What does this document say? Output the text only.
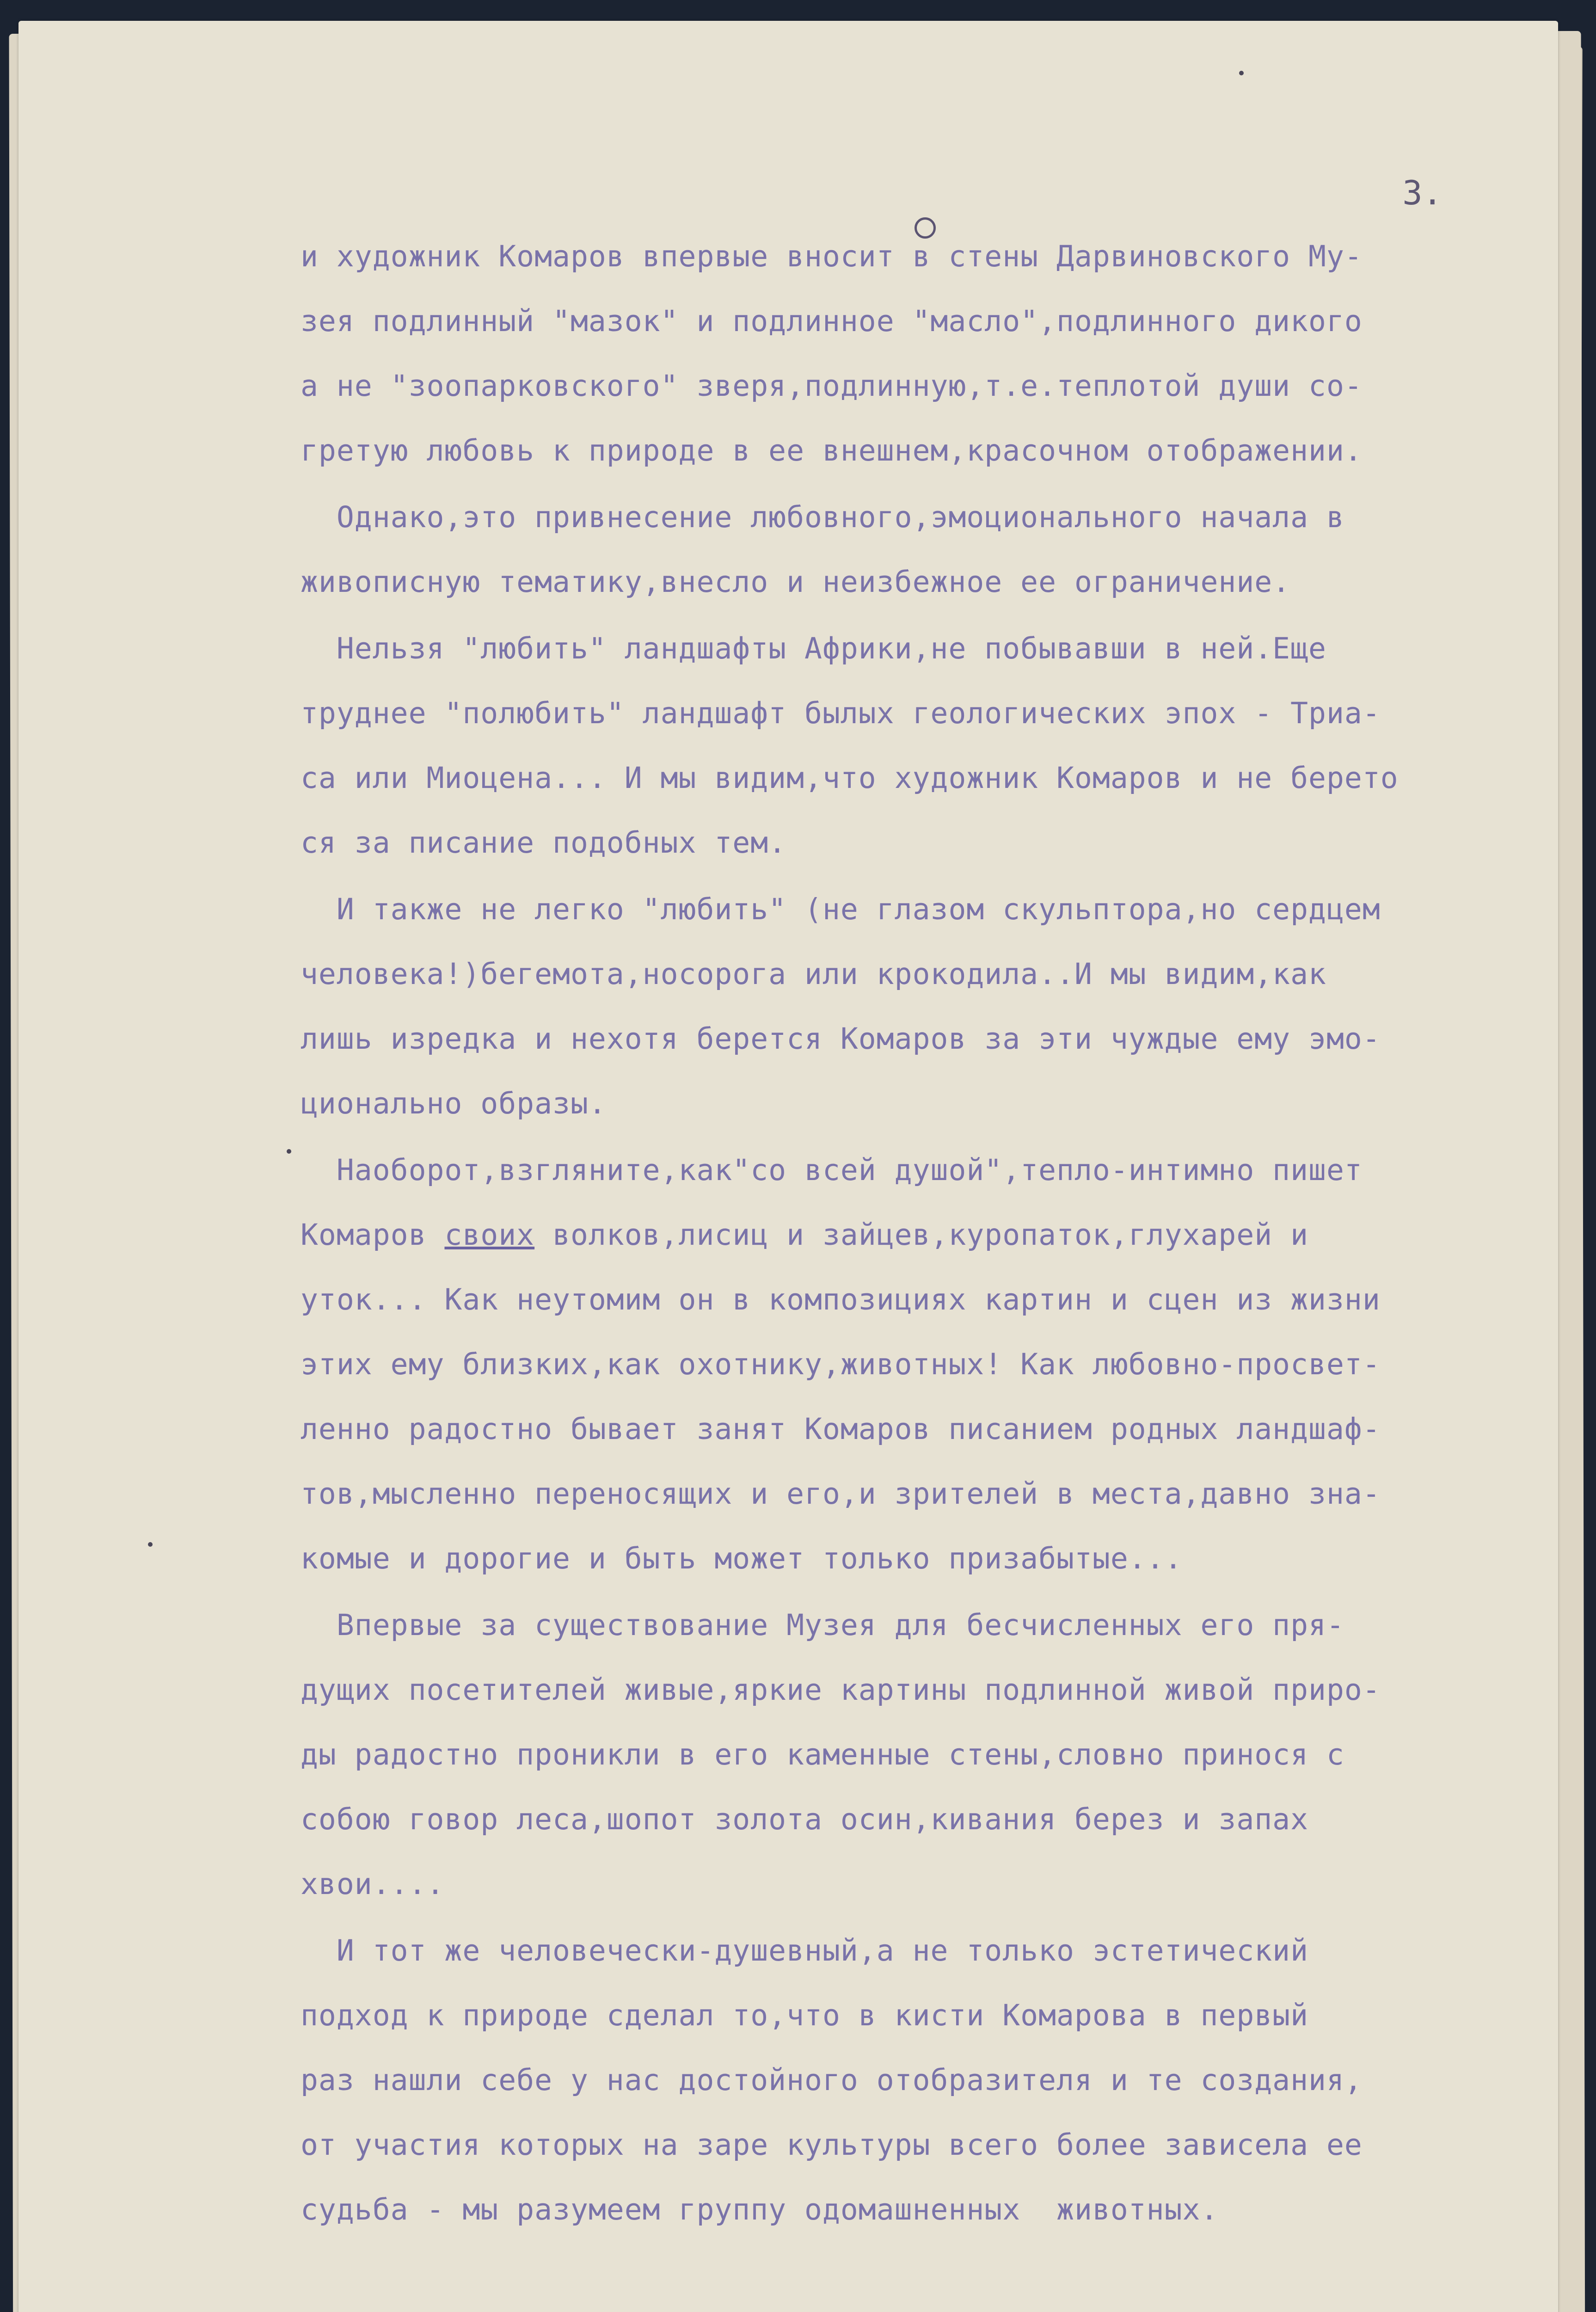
3.
и художник Комаров впервые вносит в стены Дарвиновского Му-
зея подлинный "мазок" и подлинное "масло",подлинного дикого
а не "зоопарковского" зверя,подлинную,т.е.теплотой души со-
гретую любовь к природе в ее внешнем,красочном отображении.
Однако,это привнесение любовного,эмоционального начала в
живописную тематику,внесло и неизбежное ее ограничение.
Нельзя "любить" ландшафты Африки,не побывавши в ней.Еще
труднее "полюбить" ландшафт былых геологических эпох - Триа-
са или Миоцена... И мы видим,что художник Комаров и не берето
ся за писание подобных тем.
И также не легко "любить" (не глазом скульптора,но сердцем
человека!)бегемота,носорога или крокодила..И мы видим,как
лишь изредка и нехотя берется Комаров за эти чуждые ему эмо-
ционально образы.
Наоборот,взгляните,как"со всей душой",тепло-интимно пишет
Комаров своих волков,лисиц и зайцев,куропаток,глухарей и
уток... Как неутомим он в композициях картин и сцен из жизни
этих ему близких,как охотнику,животных! Как любовно-просвет-
ленно радостно бывает занят Комаров писанием родных ландшаф-
тов,мысленно переносящих и его,и зрителей в места,давно зна-
комые и дорогие и быть может только призабытые...
Впервые за существование Музея для бесчисленных его пря-
дущих посетителей живые,яркие картины подлинной живой приро-
ды радостно проникли в его каменные стены,словно принося с
собою говор леса,шопот золота осин,кивания берез и запах
хвои....
И тот же человечески-душевный,а не только эстетический
подход к природе сделал то,что в кисти Комарова в первый
раз нашли себе у нас достойного отобразителя и те создания,
от участия которых на заре культуры всего более зависела ее
судьба - мы разумеем группу одомашненных  животных.
